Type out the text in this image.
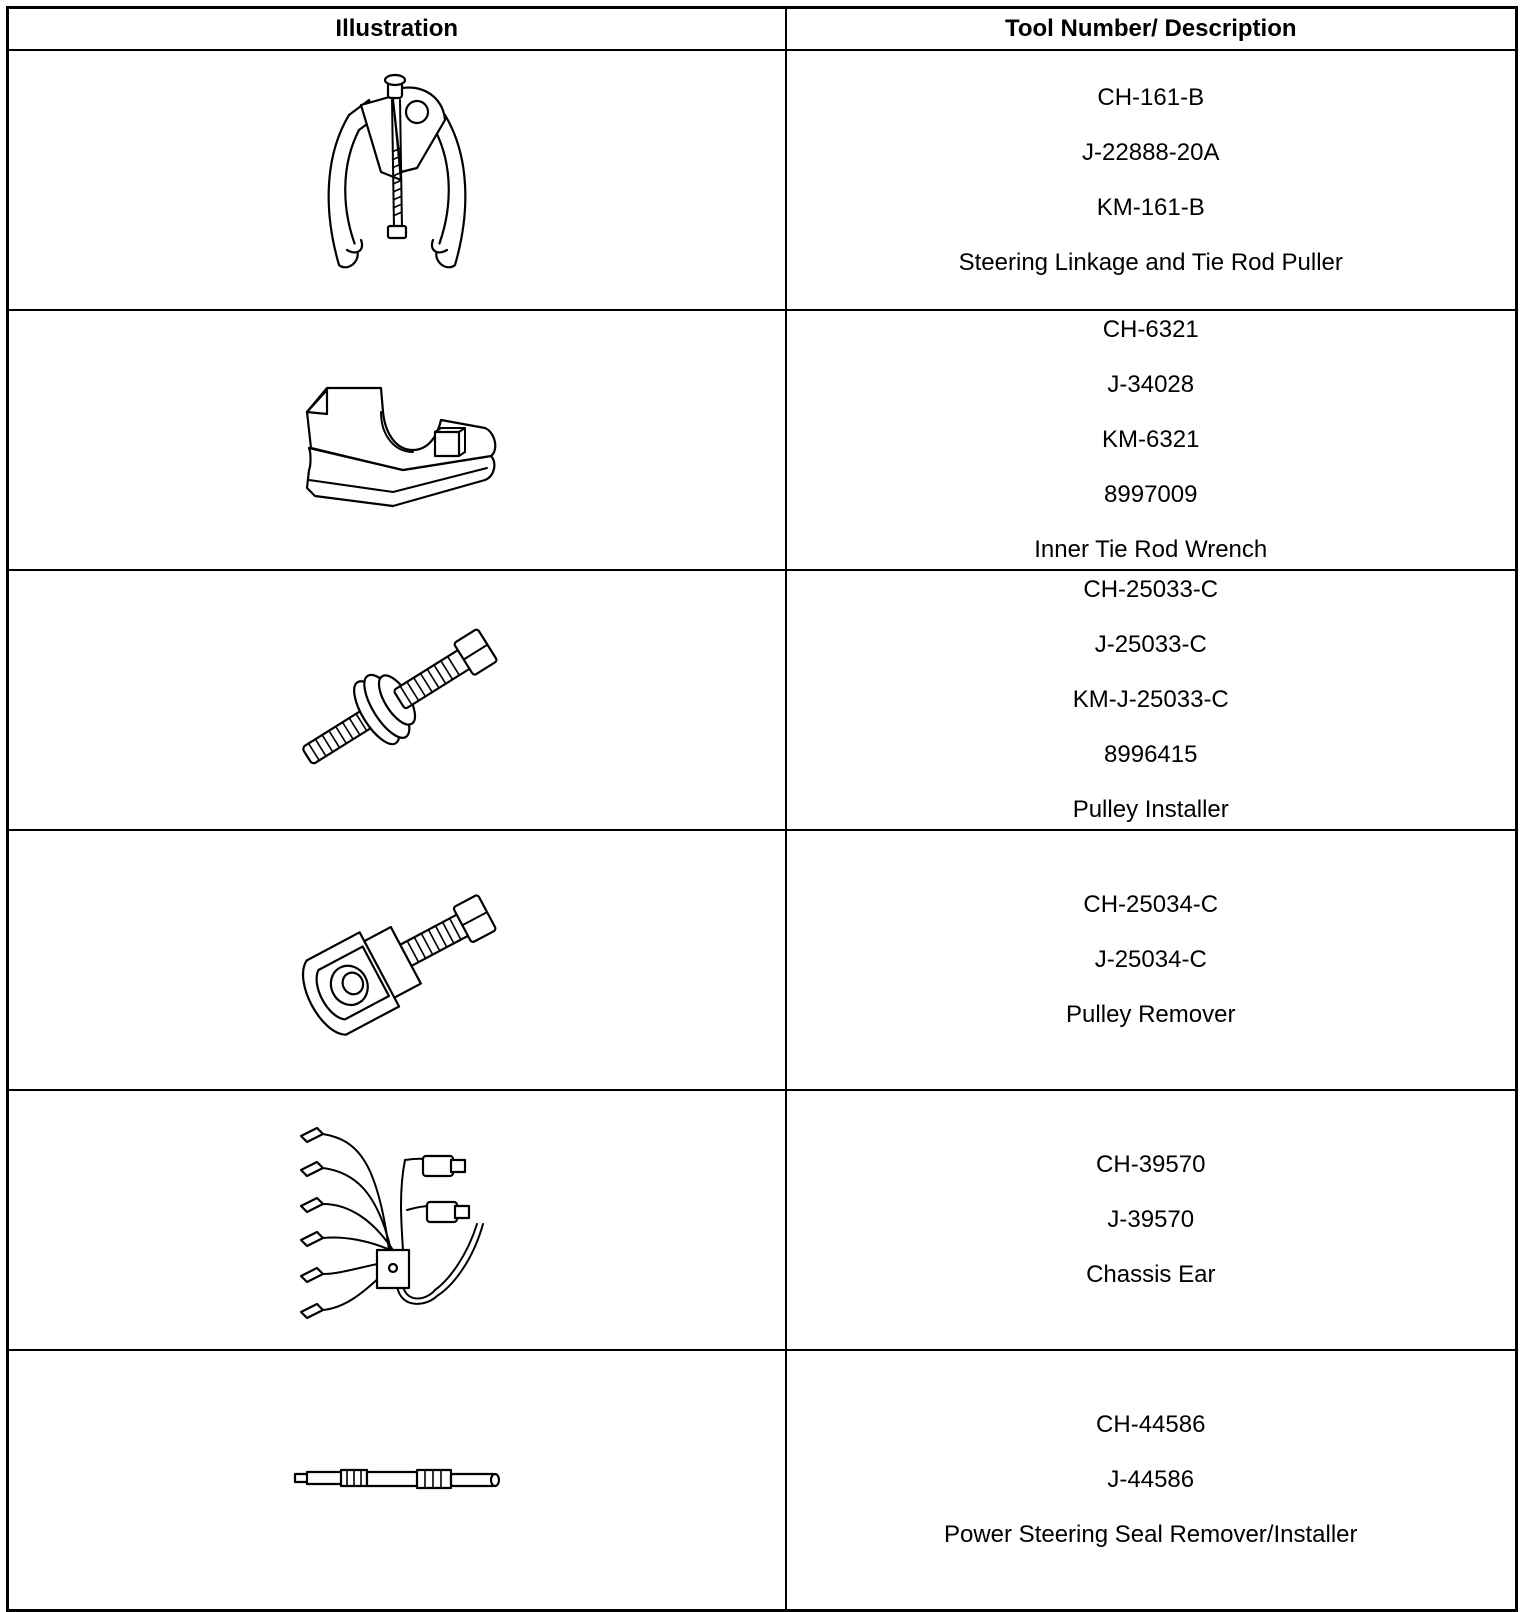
Illustration	Tool Number/ Description

CH-161-B
J-22888-20A
KM-161-B
Steering Linkage and Tie Rod Puller

CH-6321
J-34028
KM-6321
8997009
Inner Tie Rod Wrench

CH-25033-C
J-25033-C
KM-J-25033-C
8996415
Pulley Installer

CH-25034-C
J-25034-C
Pulley Remover

CH-39570
J-39570
Chassis Ear

CH-44586
J-44586
Power Steering Seal Remover/Installer
